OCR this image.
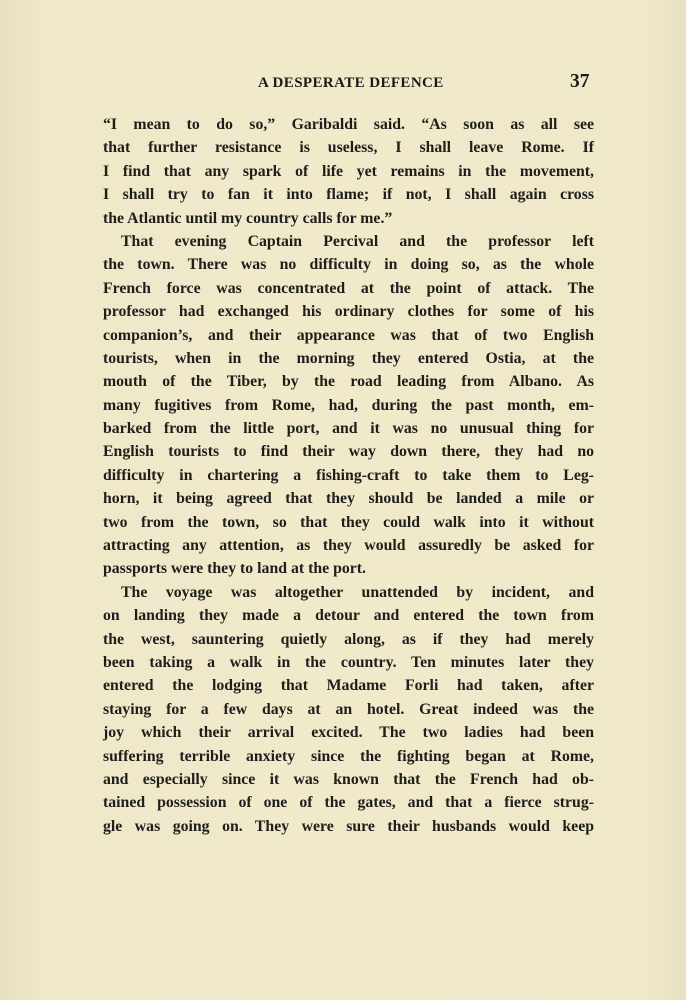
A DESPERATE DEFENCE	37
“I mean to do so,” Garibaldi said. “As soon as all see
that further resistance is useless, I shall leave Rome. If
I find that any spark of life yet remains in the movement,
I shall try to fan it into flame; if not, I shall again cross
the Atlantic until my country calls for me.”
That evening Captain Percival and the professor left
the town. There was no difficulty in doing so, as the whole
French force was concentrated at the point of attack. The
professor had exchanged his ordinary clothes for some of his
companion’s, and their appearance was that of two English
tourists, when in the morning they entered Ostia, at the
mouth of the Tiber, by the road leading from Albano. As
many fugitives from Rome, had, during the past month, em-
barked from the little port, and it was no unusual thing for
English tourists to find their way down there, they had no
difficulty in chartering a fishing-craft to take them to Leg-
horn, it being agreed that they should be landed a mile or
two from the town, so that they could walk into it without
attracting any attention, as they would assuredly be asked for
passports were they to land at the port.
The voyage was altogether unattended by incident, and
on landing they made a detour and entered the town from
the west, sauntering quietly along, as if they had merely
been taking a walk in the country. Ten minutes later they
entered the lodging that Madame Forli had taken, after
staying for a few days at an hotel. Great indeed was the
joy which their arrival excited. The two ladies had been
suffering terrible anxiety since the fighting began at Rome,
and especially since it was known that the French had ob-
tained possession of one of the gates, and that a fierce strug-
gle was going on. They were sure their husbands would keep
